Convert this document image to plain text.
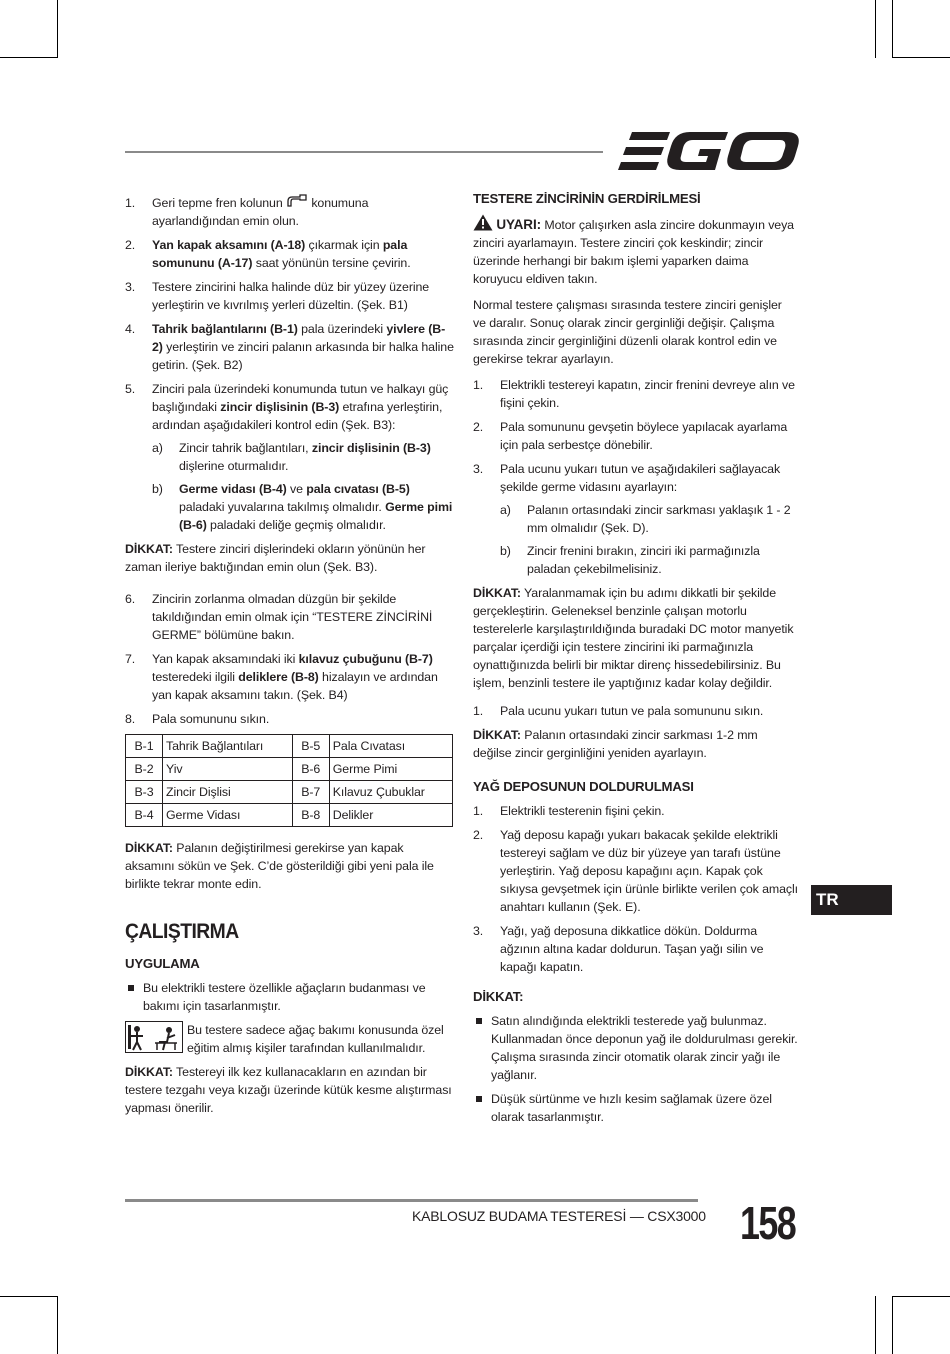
1. Geri tepme fren kolunun  konumuna ayarlandığından emin olun.
2. Yan kapak aksamını (A-18) çıkarmak için pala somununu (A-17) saat yönünün tersine çevirin.
3. Testere zincirini halka halinde düz bir yüzey üzerine yerleştirin ve kıvrılmış yerleri düzeltin. (Şek. B1)
4. Tahrik bağlantılarını (B-1) pala üzerindeki yivlere (B-2) yerleştirin ve zinciri palanın arkasında bir halka haline getirin. (Şek. B2)
5. Zinciri pala üzerindeki konumunda tutun ve halkayı güç başlığındaki zincir dişlisinin (B-3) etrafına yerleştirin, ardından aşağıdakileri kontrol edin (Şek. B3):
a) Zincir tahrik bağlantıları, zincir dişlisinin (B-3) dişlerine oturmalıdır.
b) Germe vidası (B-4) ve pala cıvatası (B-5) paladaki yuvalarına takılmış olmalıdır. Germe pimi (B-6) paladaki deliğe geçmiş olmalıdır.

DİKKAT: Testere zinciri dişlerindeki okların yönünün her zaman ileriye baktığından emin olun (Şek. B3).

6. Zincirin zorlanma olmadan düzgün bir şekilde takıldığından emin olmak için “TESTERE ZİNCİRİNİ GERME” bölümüne bakın.
7. Yan kapak aksamındaki iki kılavuz çubuğunu (B-7) testeredeki ilgili deliklere (B-8) hizalayın ve ardından yan kapak aksamını takın. (Şek. B4)
8. Pala somununu sıkın.
B-1	Tahrik Bağlantıları	B-5	Pala Cıvatası
B-2	Yiv	B-6	Germe Pimi
B-3	Zincir Dişlisi	B-7	Kılavuz Çubuklar
B-4	Germe Vidası	B-8	Delikler

DİKKAT: Palanın değiştirilmesi gerekirse yan kapak aksamını sökün ve Şek. C’de gösterildiği gibi yeni pala ile birlikte tekrar monte edin.

ÇALIŞTIRMA
UYGULAMA
Bu elektrikli testere özellikle ağaçların budanması ve bakımı için tasarlanmıştır.
Bu testere sadece ağaç bakımı konusunda özel eğitim almış kişiler tarafından kullanılmalıdır.

DİKKAT: Testereyi ilk kez kullanacakların en azından bir testere tezgahı veya kızağı üzerinde kütük kesme alıştırması yapması önerilir.

TESTERE ZİNCİRİNİN GERDİRİLMESİ

UYARI: Motor çalışırken asla zincire dokunmayın veya zinciri ayarlamayın. Testere zinciri çok keskindir; zincir üzerinde herhangi bir bakım işlemi yaparken daima koruyucu eldiven takın.

Normal testere çalışması sırasında testere zinciri genişler ve daralır. Sonuç olarak zincir gerginliği değişir. Çalışma sırasında zincir gerginliğini düzenli olarak kontrol edin ve gerekirse tekrar ayarlayın.

1. Elektrikli testereyi kapatın, zincir frenini devreye alın ve fişini çekin.
2. Pala somununu gevşetin böylece yapılacak ayarlama için pala serbestçe dönebilir.
3. Pala ucunu yukarı tutun ve aşağıdakileri sağlayacak şekilde germe vidasını ayarlayın:
a) Palanın ortasındaki zincir sarkması yaklaşık 1 - 2 mm olmalıdır (Şek. D).
b) Zincir frenini bırakın, zinciri iki parmağınızla paladan çekebilmelisiniz.

DİKKAT: Yaralanmamak için bu adımı dikkatli bir şekilde gerçekleştirin. Geleneksel benzinle çalışan motorlu testerelerle karşılaştırıldığında buradaki DC motor manyetik parçalar içerdiği için testere zincirini iki parmağınızla oynattığınızda belirli bir miktar direnç hissedebilirsiniz. Bu işlem, benzinli testere ile yaptığınız kadar kolay değildir.

1. Pala ucunu yukarı tutun ve pala somununu sıkın.

DİKKAT: Palanın ortasındaki zincir sarkması 1-2 mm değilse zincir gerginliğini yeniden ayarlayın.

YAĞ DEPOSUNUN DOLDURULMASI
1. Elektrikli testerenin fişini çekin.
2. Yağ deposu kapağı yukarı bakacak şekilde elektrikli testereyi sağlam ve düz bir yüzeye yan tarafı üstüne yerleştirin. Yağ deposu kapağını açın. Kapak çok sıkıysa gevşetmek için ürünle birlikte verilen çok amaçlı anahtarı kullanın (Şek. E).
3. Yağı, yağ deposuna dikkatlice dökün. Doldurma ağzının altına kadar doldurun. Taşan yağı silin ve kapağı kapatın.
DİKKAT:
Satın alındığında elektrikli testerede yağ bulunmaz. Kullanmadan önce deponun yağ ile doldurulması gerekir. Çalışma sırasında zincir otomatik olarak zincir yağı ile yağlanır.
Düşük sürtünme ve hızlı kesim sağlamak üzere özel olarak tasarlanmıştır.
TR
KABLOSUZ BUDAMA TESTERESİ — CSX3000 158
